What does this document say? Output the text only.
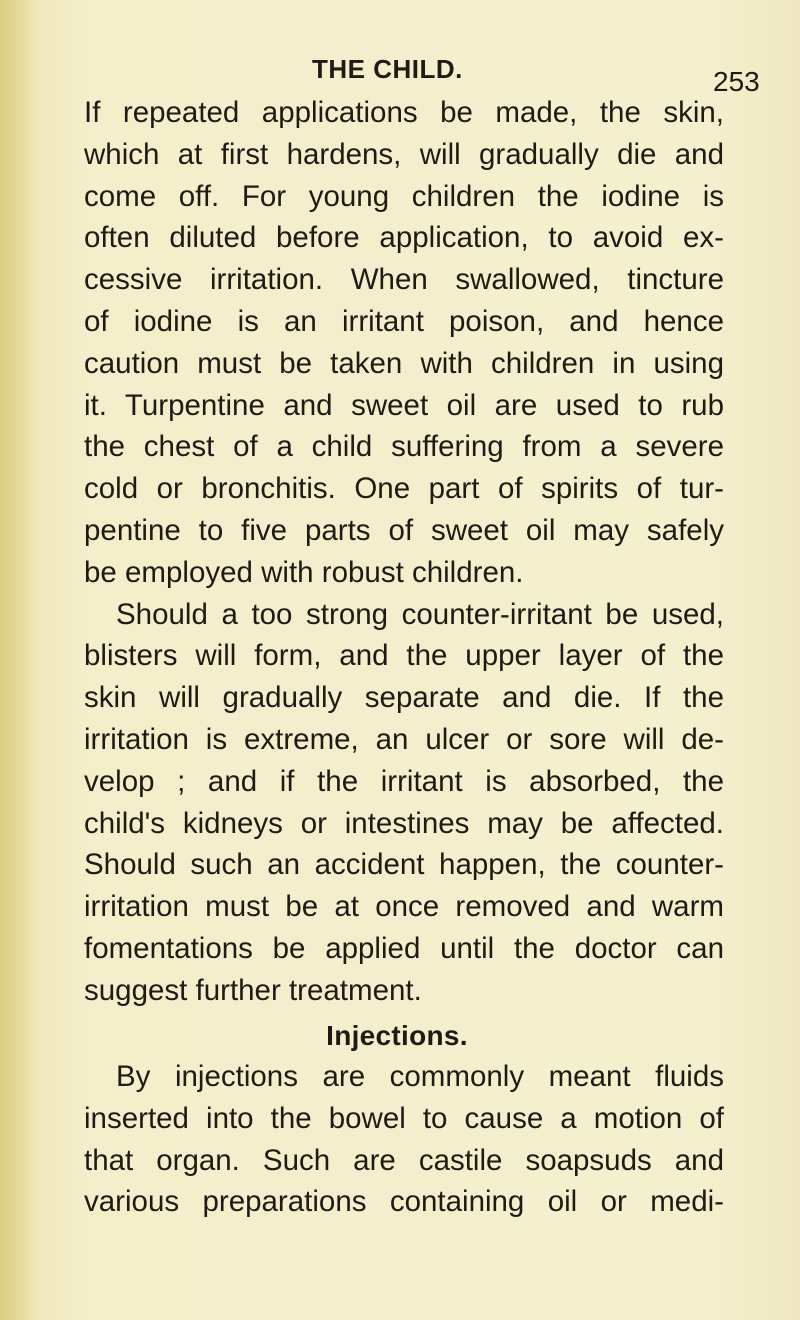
THE CHILD.	253
If repeated applications be made, the skin,
which at first hardens, will gradually die and
come off. For young children the iodine is
often diluted before application, to avoid ex-
cessive irritation. When swallowed, tincture
of iodine is an irritant poison, and hence
caution must be taken with children in using
it. Turpentine and sweet oil are used to rub
the chest of a child suffering from a severe
cold or bronchitis. One part of spirits of tur-
pentine to five parts of sweet oil may safely
be employed with robust children.
Should a too strong counter-irritant be used,
blisters will form, and the upper layer of the
skin will gradually separate and die. If the
irritation is extreme, an ulcer or sore will de-
velop ; and if the irritant is absorbed, the
child's kidneys or intestines may be affected.
Should such an accident happen, the counter-
irritation must be at once removed and warm
fomentations be applied until the doctor can
suggest further treatment.
Injections.
By injections are commonly meant fluids
inserted into the bowel to cause a motion of
that organ. Such are castile soapsuds and
various preparations containing oil or medi-
